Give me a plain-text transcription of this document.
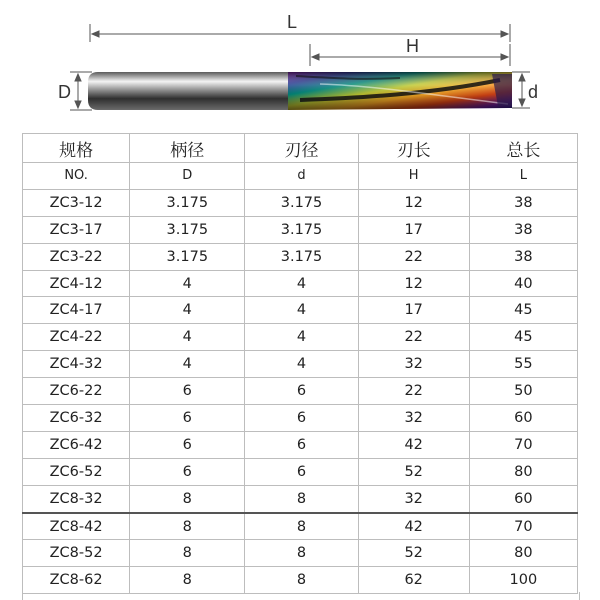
L
H
D	d
规格	柄径	刃径	刃长	总长
NO.	D	d	H	L
ZC3-12	3.175	3.175	12	38
ZC3-17	3.175	3.175	17	38
ZC3-22	3.175	3.175	22	38
ZC4-12	4	4	12	40
ZC4-17	4	4	17	45
ZC4-22	4	4	22	45
ZC4-32	4	4	32	55
ZC6-22	6	6	22	50
ZC6-32	6	6	32	60
ZC6-42	6	6	42	70
ZC6-52	6	6	52	80
ZC8-32	8	8	32	60
ZC8-42	8	8	42	70
ZC8-52	8	8	52	80
ZC8-62	8	8	62	100
